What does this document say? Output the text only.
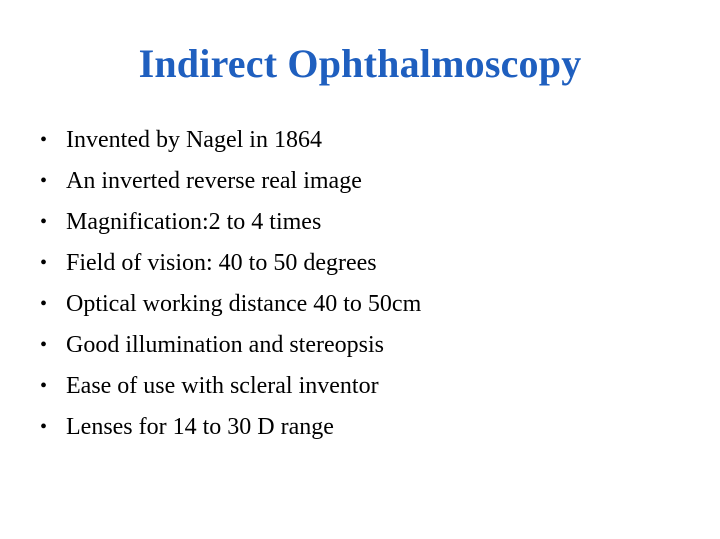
Indirect Ophthalmoscopy
• Invented by Nagel in 1864
• An inverted reverse real image
• Magnification:2 to 4 times
• Field of vision: 40 to 50 degrees
• Optical working distance 40 to 50cm
• Good illumination and stereopsis
• Ease of use with scleral inventor
• Lenses for 14 to 30 D range
